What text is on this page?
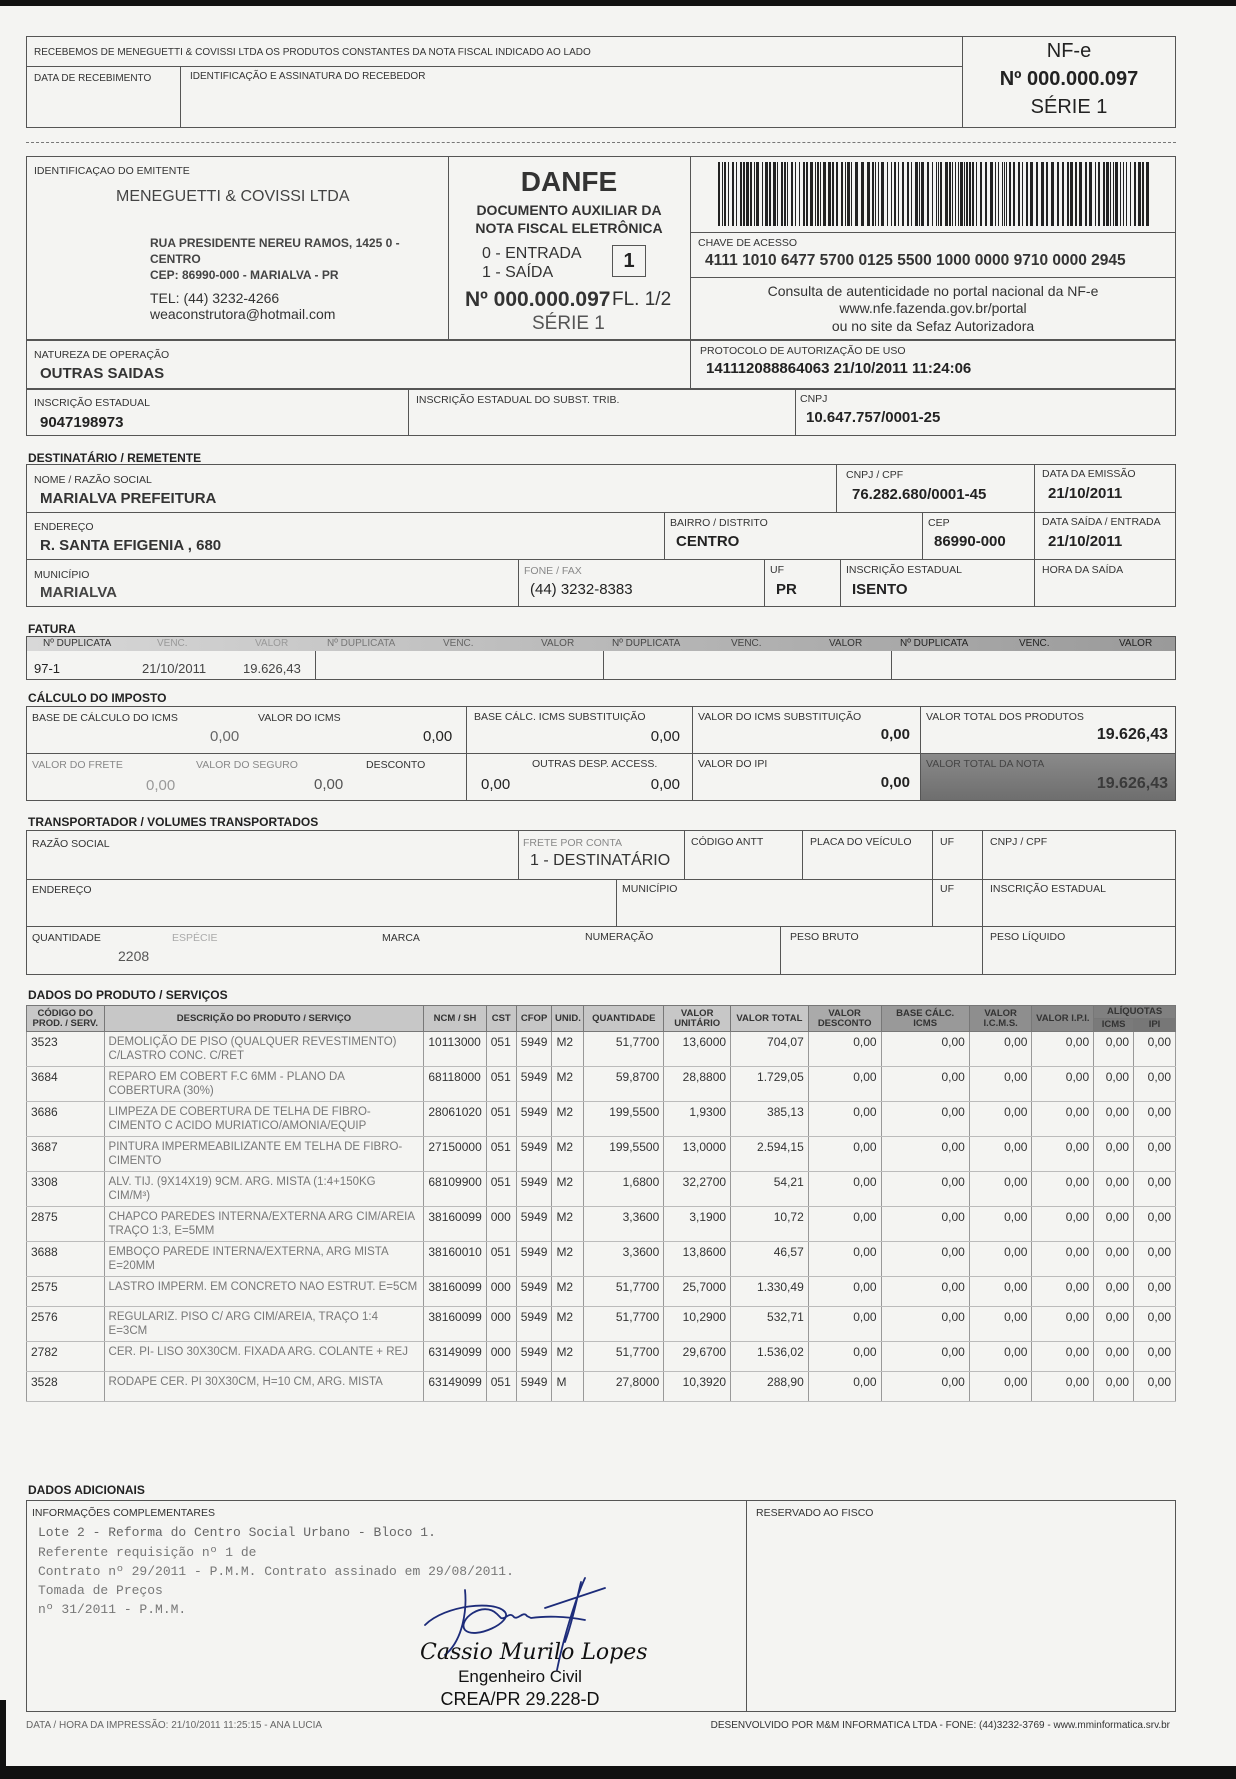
RECEBEMOS DE MENEGUETTI & COVISSI LTDA OS PRODUTOS CONSTANTES DA NOTA FISCAL INDICADO AO LADO
DATA DE RECEBIMENTO	IDENTIFICAÇÃO E ASSINATURA DO RECEBEDOR
NF-e
Nº 000.000.097
SÉRIE 1
IDENTIFICAÇAO DO EMITENTE
MENEGUETTI & COVISSI LTDA
RUA PRESIDENTE NEREU RAMOS, 1425 0 -
CENTRO
CEP: 86990-000 - MARIALVA - PR
TEL: (44) 3232-4266
weaconstrutora@hotmail.com
DANFE
DOCUMENTO AUXILIAR DA
NOTA FISCAL ELETRÔNICA
0 - ENTRADA
1 - SAÍDA
1
Nº 000.000.097 FL. 1/2
SÉRIE 1
CHAVE DE ACESSO
4111 1010 6477 5700 0125 5500 1000 0000 9710 0000 2945
Consulta de autenticidade no portal nacional da NF-e
www.nfe.fazenda.gov.br/portal
ou no site da Sefaz Autorizadora
NATUREZA DE OPERAÇÃO
OUTRAS SAIDAS
PROTOCOLO DE AUTORIZAÇÃO DE USO
141112088864063 21/10/2011 11:24:06
INSCRIÇÃO ESTADUAL
9047198973
INSCRIÇÃO ESTADUAL DO SUBST. TRIB.	CNPJ
10.647.757/0001-25
DESTINATÁRIO / REMETENTE
NOME / RAZÃO SOCIAL
MARIALVA PREFEITURA
CNPJ / CPF
76.282.680/0001-45
DATA DA EMISSÃO
21/10/2011
ENDEREÇO
R. SANTA EFIGENIA , 680
BAIRRO / DISTRITO
CENTRO
CEP
86990-000
DATA SAÍDA / ENTRADA
21/10/2011
MUNICÍPIO
MARIALVA
FONE / FAX
(44) 3232-8383
UF
PR
INSCRIÇÃO ESTADUAL
ISENTO
HORA DA SAÍDA
FATURA
Nº DUPLICATA	VENC.	VALOR	Nº DUPLICATA	VENC.	VALOR	Nº DUPLICATA	VENC.	VALOR	Nº DUPLICATA	VENC.	VALOR
97-1	21/10/2011	19.626,43
CÁLCULO DO IMPOSTO
BASE DE CÁLCULO DO ICMS
0,00
VALOR DO ICMS
0,00
BASE CÁLC. ICMS SUBSTITUIÇÃO
0,00
VALOR DO ICMS SUBSTITUIÇÃO
0,00
VALOR TOTAL DOS PRODUTOS
19.626,43
VALOR DO FRETE
0,00
VALOR DO SEGURO
0,00
DESCONTO
0,00
OUTRAS DESP. ACCESS.
0,00
VALOR DO IPI
0,00
VALOR TOTAL DA NOTA
19.626,43
TRANSPORTADOR / VOLUMES TRANSPORTADOS
RAZÃO SOCIAL	FRETE POR CONTA
1 - DESTINATÁRIO
CÓDIGO ANTT	PLACA DO VEÍCULO	UF	CNPJ / CPF
ENDEREÇO	MUNICÍPIO	UF	INSCRIÇÃO ESTADUAL
QUANTIDADE
2208
ESPÉCIE	MARCA	NUMERAÇÃO	PESO BRUTO	PESO LÍQUIDO
DADOS DO PRODUTO / SERVIÇOS
CÓDIGO DO PROD. / SERV.	DESCRIÇÃO DO PRODUTO / SERVIÇO	NCM / SH	CST	CFOP	UNID.	QUANTIDADE	VALOR UNITÁRIO	VALOR TOTAL	VALOR DESCONTO	BASE CÁLC. ICMS	VALOR I.C.M.S.	VALOR I.P.I.	ALÍQUOTAS	
													ICMS	IPI
3523	DEMOLIÇÃO DE PISO (QUALQUER REVESTIMENTO) C/LASTRO CONC. C/RET	10113000	051	5949	M2	51,7700	13,6000	704,07	0,00	0,00	0,00	0,00	0,00	0,00
3684	REPARO EM COBERT F.C 6MM - PLANO DA COBERTURA (30%)	68118000	051	5949	M2	59,8700	28,8800	1.729,05	0,00	0,00	0,00	0,00	0,00	0,00
3686	LIMPEZA DE COBERTURA DE TELHA DE FIBRO-CIMENTO C ACIDO MURIATICO/AMONIA/EQUIP	28061020	051	5949	M2	199,5500	1,9300	385,13	0,00	0,00	0,00	0,00	0,00	0,00
3687	PINTURA IMPERMEABILIZANTE EM TELHA DE FIBRO-CIMENTO	27150000	051	5949	M2	199,5500	13,0000	2.594,15	0,00	0,00	0,00	0,00	0,00	0,00
3308	ALV. TIJ. (9X14X19) 9CM. ARG. MISTA (1:4+150KG CIM/M³)	68109900	051	5949	M2	1,6800	32,2700	54,21	0,00	0,00	0,00	0,00	0,00	0,00
2875	CHAPCO PAREDES INTERNA/EXTERNA ARG CIM/AREIA TRAÇO 1:3, E=5MM	38160099	000	5949	M2	3,3600	3,1900	10,72	0,00	0,00	0,00	0,00	0,00	0,00
3688	EMBOÇO PAREDE INTERNA/EXTERNA, ARG MISTA E=20MM	38160010	051	5949	M2	3,3600	13,8600	46,57	0,00	0,00	0,00	0,00	0,00	0,00
2575	LASTRO IMPERM. EM CONCRETO NAO ESTRUT. E=5CM	38160099	000	5949	M2	51,7700	25,7000	1.330,49	0,00	0,00	0,00	0,00	0,00	0,00
2576	REGULARIZ. PISO C/ ARG CIM/AREIA, TRAÇO 1:4 E=3CM	38160099	000	5949	M2	51,7700	10,2900	532,71	0,00	0,00	0,00	0,00	0,00	0,00
2782	CER. PI- LISO 30X30CM. FIXADA ARG. COLANTE + REJ	63149099	000	5949	M2	51,7700	29,6700	1.536,02	0,00	0,00	0,00	0,00	0,00	0,00
3528	RODAPE CER. PI 30X30CM, H=10 CM, ARG. MISTA	63149099	051	5949	M	27,8000	10,3920	288,90	0,00	0,00	0,00	0,00	0,00	0,00
DADOS ADICIONAIS
INFORMAÇÕES COMPLEMENTARES	RESERVADO AO FISCO
Lote 2 - Reforma do Centro Social Urbano - Bloco 1.
Referente requisição nº 1 de
Contrato nº 29/2011 - P.M.M. Contrato assinado em 29/08/2011.
Tomada de Preços
nº 31/2011 - P.M.M.
Cassio Murilo Lopes
Engenheiro Civil
CREA/PR 29.228-D
DATA / HORA DA IMPRESSÃO: 21/10/2011 11:25:15 - ANA LUCIA	DESENVOLVIDO POR M&M INFORMATICA LTDA - FONE: (44)3232-3769 - www.mminformatica.srv.br
